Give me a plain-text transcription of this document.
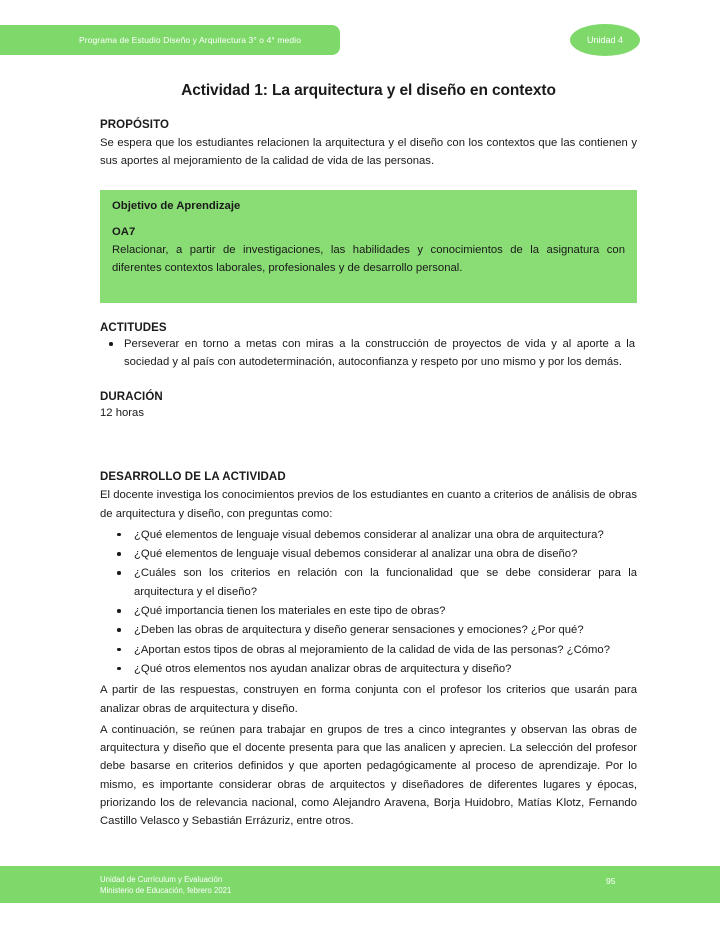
Programa de Estudio Diseño y Arquitectura 3° o 4° medio	Unidad 4
Actividad 1: La arquitectura y el diseño en contexto
PROPÓSITO

Se espera que los estudiantes relacionen la arquitectura y el diseño con los contextos que las contienen y sus aportes al mejoramiento de la calidad de vida de las personas.

Objetivo de Aprendizaje

OA7

Relacionar, a partir de investigaciones, las habilidades y conocimientos de la asignatura con diferentes contextos laborales, profesionales y de desarrollo personal.

ACTITUDES
Perseverar en torno a metas con miras a la construcción de proyectos de vida y al aporte a la sociedad y al país con autodeterminación, autoconfianza y respeto por uno mismo y por los demás.
DURACIÓN

12 horas

DESARROLLO DE LA ACTIVIDAD

El docente investiga los conocimientos previos de los estudiantes en cuanto a criterios de análisis de obras de arquitectura y diseño, con preguntas como:

¿Qué elementos de lenguaje visual debemos considerar al analizar una obra de arquitectura?
¿Qué elementos de lenguaje visual debemos considerar al analizar una obra de diseño?
¿Cuáles son los criterios en relación con la funcionalidad que se debe considerar para la arquitectura y el diseño?
¿Qué importancia tienen los materiales en este tipo de obras?
¿Deben las obras de arquitectura y diseño generar sensaciones y emociones? ¿Por qué?
¿Aportan estos tipos de obras al mejoramiento de la calidad de vida de las personas? ¿Cómo?
¿Qué otros elementos nos ayudan analizar obras de arquitectura y diseño?

A partir de las respuestas, construyen en forma conjunta con el profesor los criterios que usarán para analizar obras de arquitectura y diseño.

A continuación, se reúnen para trabajar en grupos de tres a cinco integrantes y observan las obras de arquitectura y diseño que el docente presenta para que las analicen y aprecien. La selección del profesor debe basarse en criterios definidos y que aporten pedagógicamente al proceso de aprendizaje. Por lo mismo, es importante considerar obras de arquitectos y diseñadores de diferentes lugares y épocas, priorizando los de relevancia nacional, como Alejandro Aravena, Borja Huidobro, Matías Klotz, Fernando Castillo Velasco y Sebastián Errázuriz, entre otros.

Unidad de Currículum y Evaluación
Ministerio de Educación, febrero 2021
95
